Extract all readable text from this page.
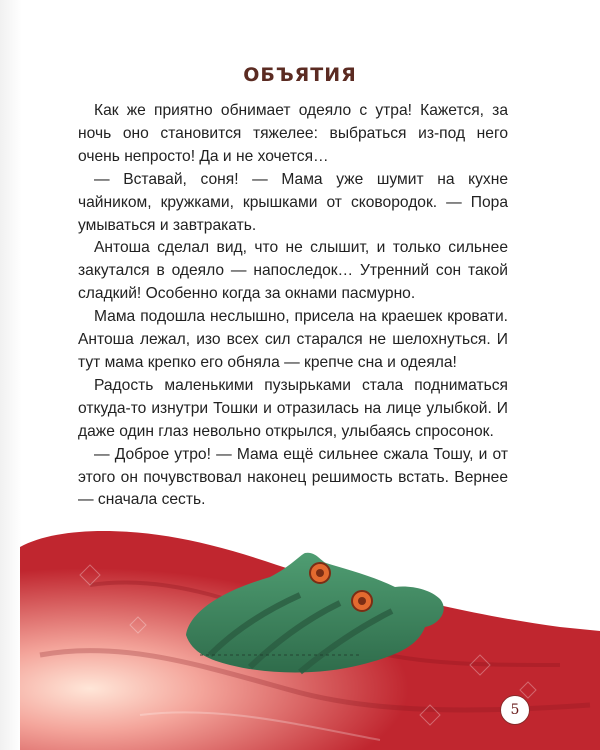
ОБЪЯТИЯ

Как же приятно обнимает одеяло с утра! Кажется, за ночь оно становится тяжелее: выбраться из-под него очень непросто! Да и не хочется…

— Вставай, соня! — Мама уже шумит на кухне чайником, кружками, крышками от сковородок. — Пора умываться и завтракать.

Антоша сделал вид, что не слышит, и только сильнее закутался в одеяло — напоследок… Утренний сон такой сладкий! Особенно когда за окнами пасмурно.

Мама подошла неслышно, присела на краешек кровати. Антоша лежал, изо всех сил старался не шелохнуться. И тут мама крепко его обняла — крепче сна и одеяла!

Радость маленькими пузырьками стала подниматься откуда-то изнутри Тошки и отразилась на лице улыбкой. И даже один глаз невольно открылся, улыбаясь спросонок.

— Доброе утро! — Мама ещё сильнее сжала Тошу, и от этого он почувствовал наконец решимость встать. Вернее — сначала сесть.

5
